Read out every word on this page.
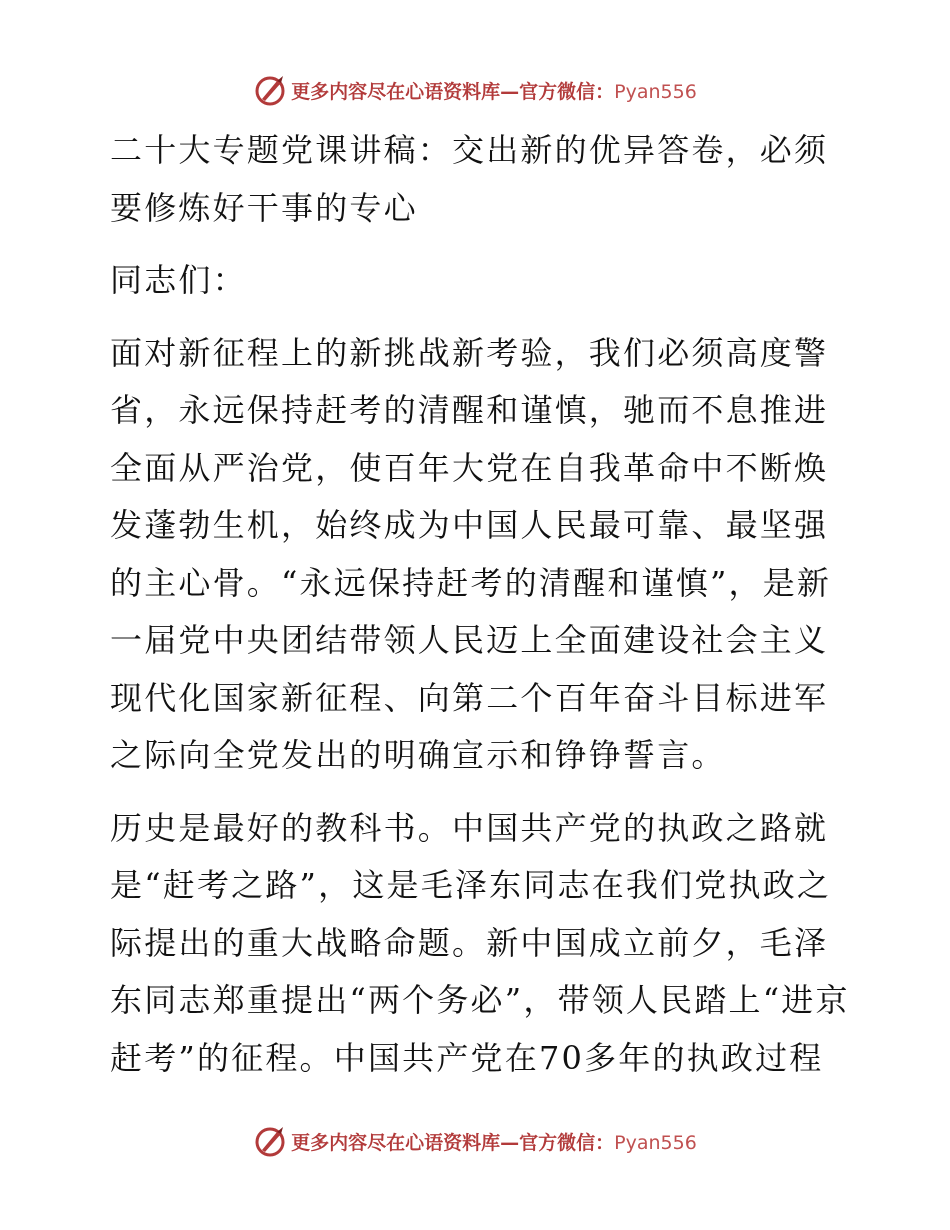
更多内容尽在心语资料库—官方微信：Pyan556

二十大专题党课讲稿：交出新的优异答卷，必须要修炼好干事的专心

同志们：

面对新征程上的新挑战新考验，我们必须高度警省，永远保持赶考的清醒和谨慎，驰而不息推进全面从严治党，使百年大党在自我革命中不断焕发蓬勃生机，始终成为中国人民最可靠、最坚强的主心骨。“永远保持赶考的清醒和谨慎”，是新一届党中央团结带领人民迈上全面建设社会主义现代化国家新征程、向第二个百年奋斗目标进军之际向全党发出的明确宣示和铮铮誓言。

历史是最好的教科书。中国共产党的执政之路就是“赶考之路”，这是毛泽东同志在我们党执政之际提出的重大战略命题。新中国成立前夕，毛泽东同志郑重提出“两个务必”，带领人民踏上“进京赶考”的征程。中国共产党在70多年的执政过程

更多内容尽在心语资料库—官方微信：Pyan556
